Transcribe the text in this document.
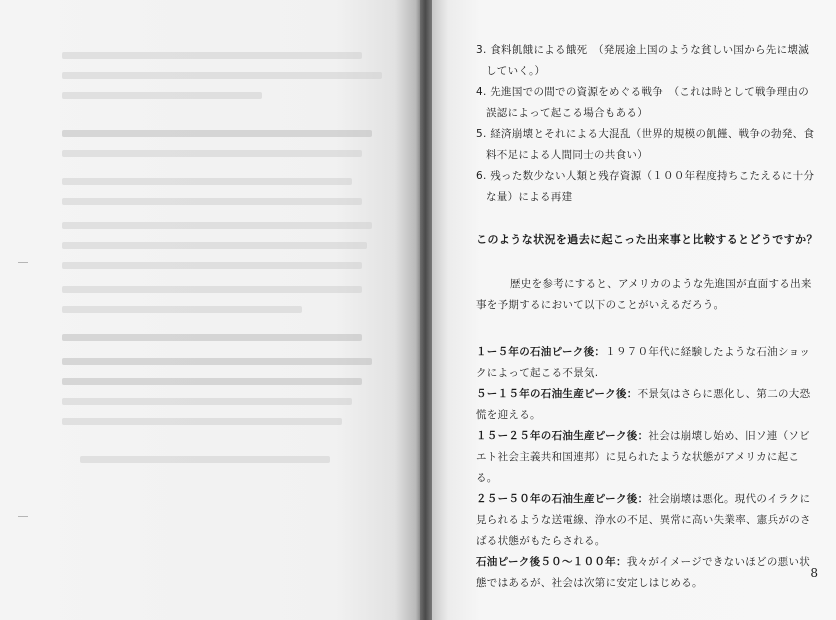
3. 食料飢餓による餓死　（発展途上国のような貧しい国から先に壊滅していく。）
4. 先進国での間での資源をめぐる戦争　（これは時として戦争理由の誤認によって起こる場合もある）
5. 経済崩壊とそれによる大混乱（世界的規模の飢饉、戦争の勃発、食料不足による人間同士の共食い）
6. 残った数少ない人類と残存資源（１００年程度持ちこたえるに十分な量）による再建

このような状況を過去に起こった出来事と比較するとどうですか？

歴史を参考にすると、アメリカのような先進国が直面する出来事を予期するにおいて以下のことがいえるだろう。

１ー５年の石油ピーク後：１９７０年代に経験したような石油ショックによって起こる不景気.

５ー１５年の石油生産ピーク後：不景気はさらに悪化し、第二の大恐慌を迎える。

１５ー２５年の石油生産ピーク後：社会は崩壊し始め、旧ソ連（ソビエト社会主義共和国連邦）に見られたような状態がアメリカに起こる。

２５ー５０年の石油生産ピーク後：社会崩壊は悪化。現代のイラクに見られるような送電線、浄水の不足、異常に高い失業率、憲兵がのさばる状態がもたらされる。

石油ピーク後５０〜１００年：我々がイメージできないほどの悪い状態ではあるが、社会は次第に安定しはじめる。

8
